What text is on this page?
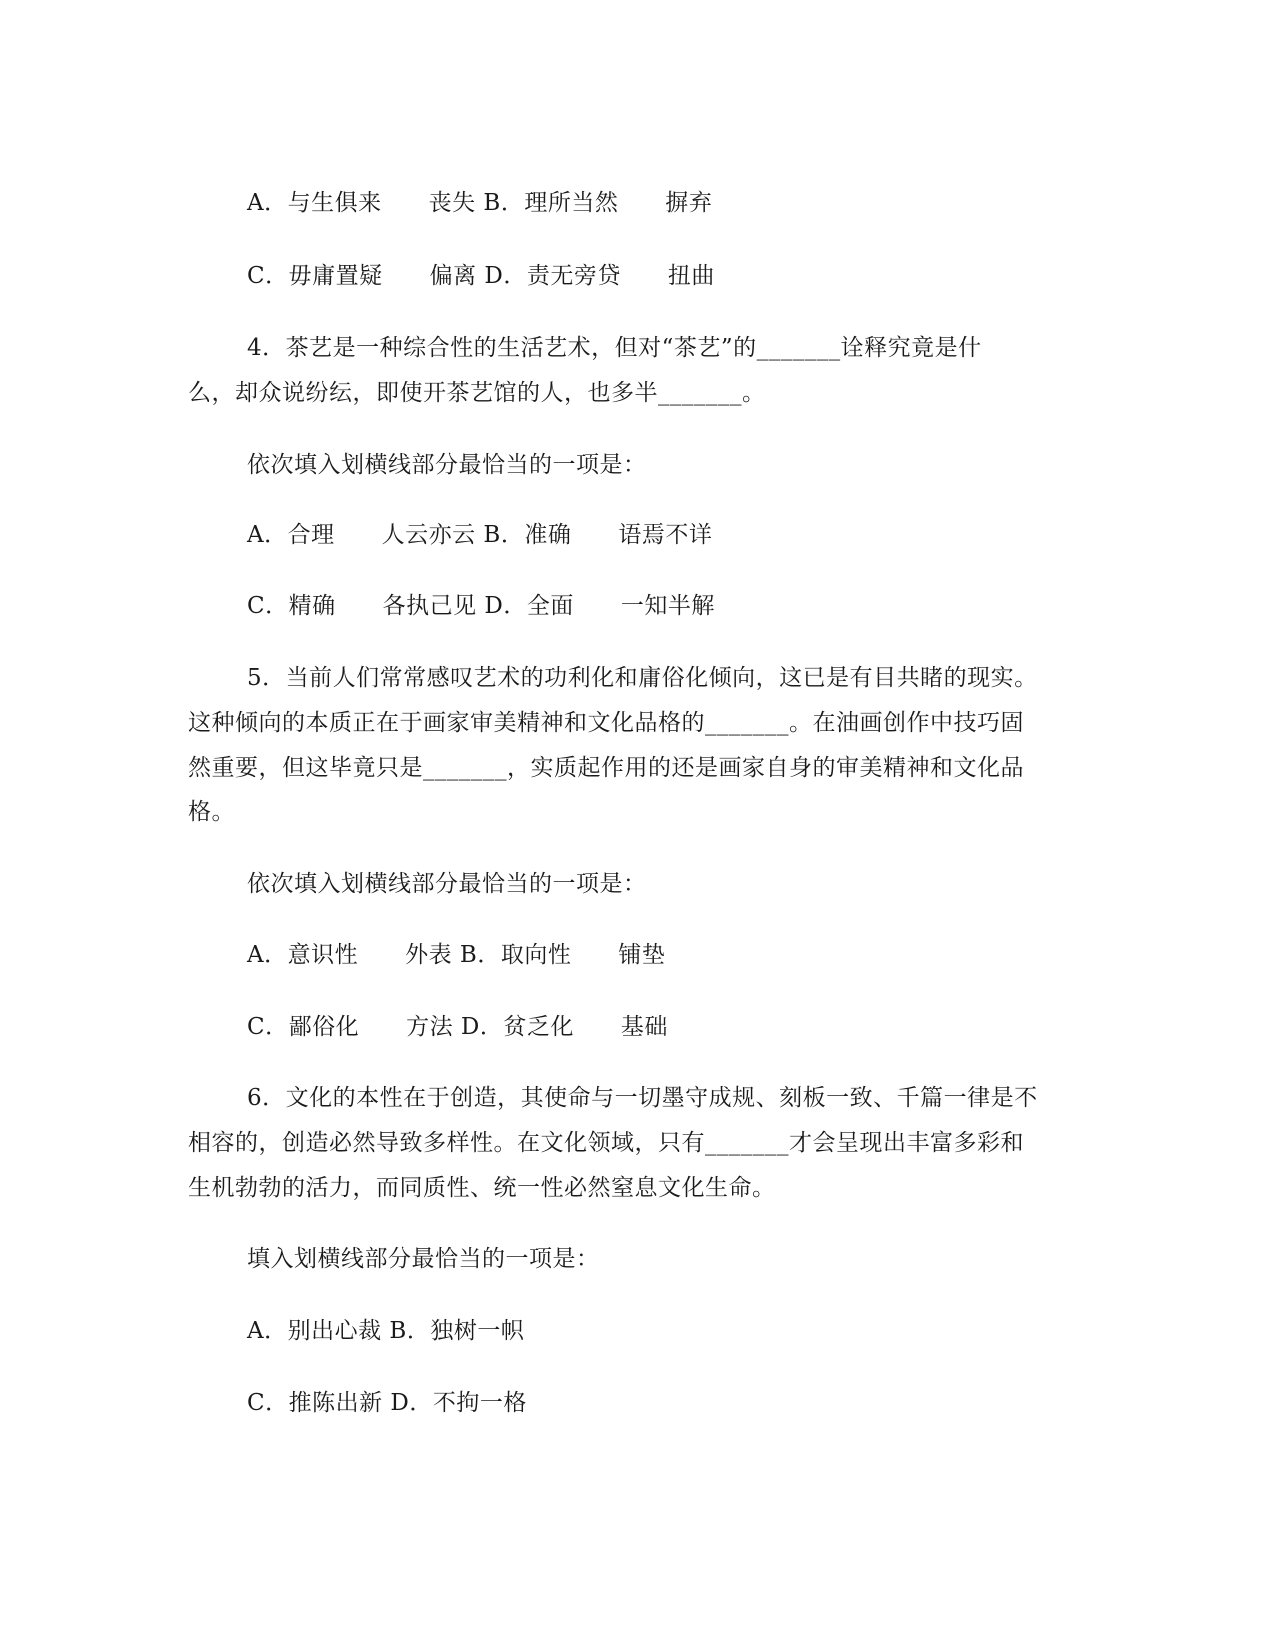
A．与生俱来　　丧失 B．理所当然　　摒弃
C．毋庸置疑　　偏离 D．责无旁贷　　扭曲
4．茶艺是一种综合性的生活艺术，但对“茶艺”的_______诠释究竟是什
么，却众说纷纭，即使开茶艺馆的人，也多半_______。
依次填入划横线部分最恰当的一项是：
A．合理　　人云亦云 B．准确　　语焉不详
C．精确　　各执己见 D．全面　　一知半解
5．当前人们常常感叹艺术的功利化和庸俗化倾向，这已是有目共睹的现实。
这种倾向的本质正在于画家审美精神和文化品格的_______。在油画创作中技巧固
然重要，但这毕竟只是_______，实质起作用的还是画家自身的审美精神和文化品
格。
依次填入划横线部分最恰当的一项是：
A．意识性　　外表 B．取向性　　铺垫
C．鄙俗化　　方法 D．贫乏化　　基础
6．文化的本性在于创造，其使命与一切墨守成规、刻板一致、千篇一律是不
相容的，创造必然导致多样性。在文化领域，只有_______才会呈现出丰富多彩和
生机勃勃的活力，而同质性、统一性必然窒息文化生命。
填入划横线部分最恰当的一项是：
A．别出心裁 B．独树一帜
C．推陈出新 D．不拘一格
